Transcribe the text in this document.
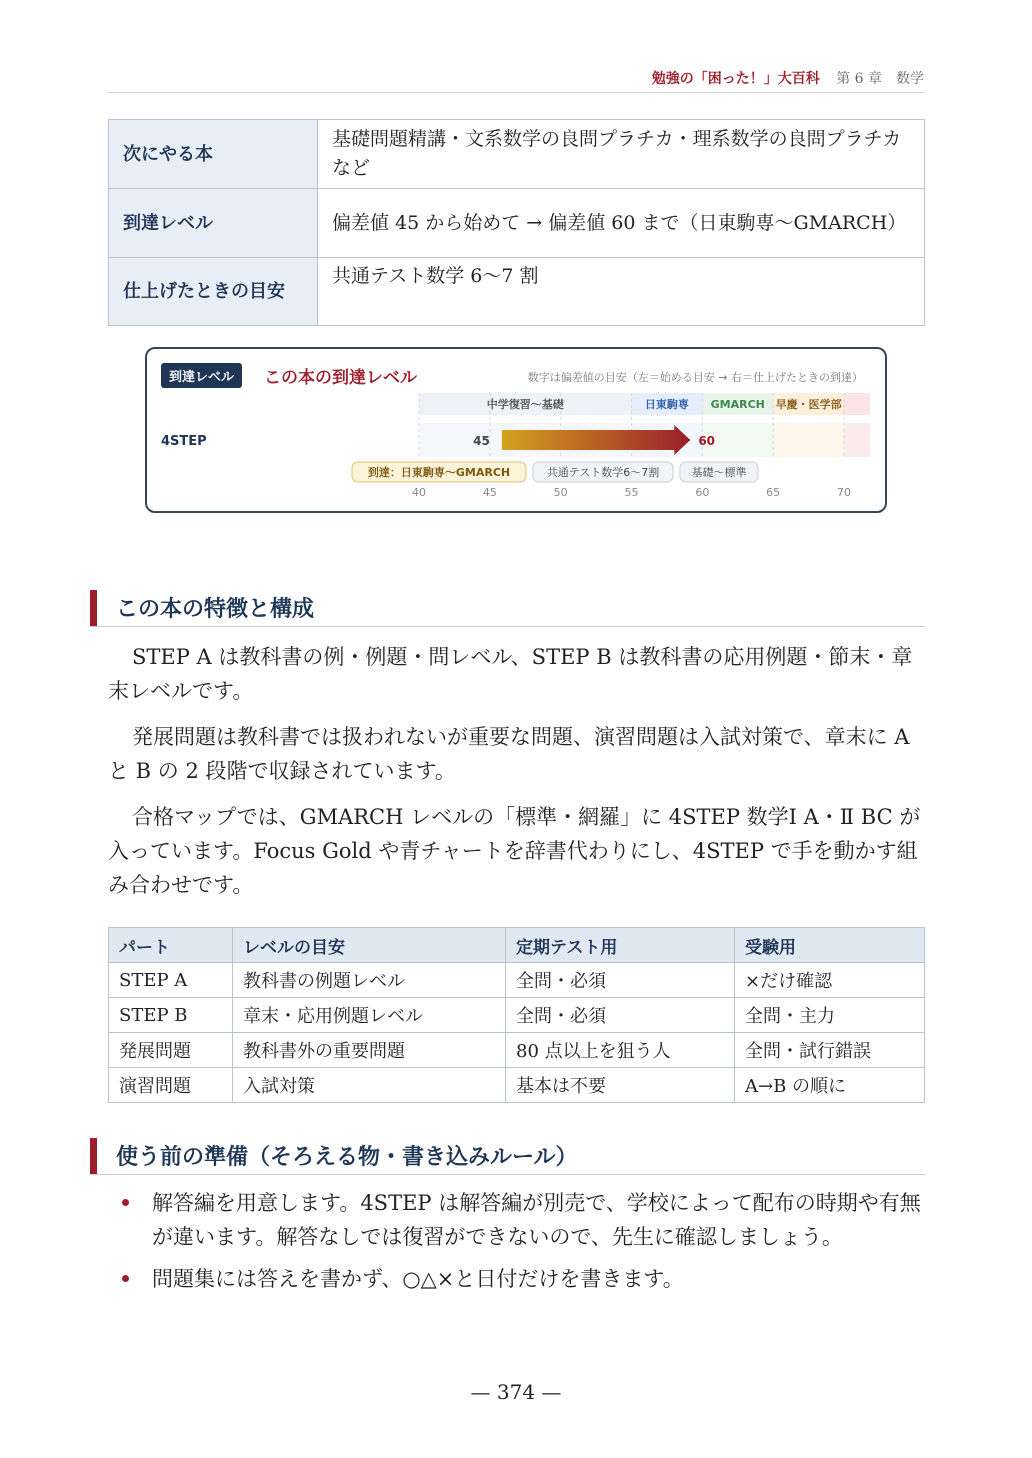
勉強の「困った！」大百科 第 6 章　数学
次にやる本	基礎問題精講・文系数学の良問プラチカ・理系数学の良問プラチカ など
到達レベル	偏差値 45 から始めて → 偏差値 60 まで（日東駒専〜GMARCH）
仕上げたときの目安	共通テスト数学 6〜7 割
到達レベル	この本の到達レベル	数字は偏差値の目安（左＝始める目安 → 右＝仕上げたときの到達）
中学復習〜基礎	日東駒専 GMARCH 早慶・医学部
4STEP	45	60
到達：日東駒専〜GMARCH	共通テスト数学6〜7割	基礎〜標準
40	45	50	55	60	65	70
この本の特徴と構成
STEP A は教科書の例・例題・問レベル、STEP B は教科書の応用例題・節末・章末レベルです。
発展問題は教科書では扱われないが重要な問題、演習問題は入試対策で、章末に A と B の 2 段階で収録されています。
合格マップでは、GMARCH レベルの「標準・網羅」に 4STEP 数学Ⅰ A・Ⅱ BC が入っています。Focus Gold や青チャートを辞書代わりにし、4STEP で手を動かす組み合わせです。
パート	レベルの目安	定期テスト用	受験用
STEP A	教科書の例題レベル	全問・必須	×だけ確認
STEP B	章末・応用例題レベル	全問・必須	全問・主力
発展問題	教科書外の重要問題	80 点以上を狙う人	全問・試行錯誤
演習問題	入試対策	基本は不要	A→B の順に
使う前の準備（そろえる物・書き込みルール）
解答編を用意します。4STEP は解答編が別売で、学校によって配布の時期や有無が違います。解答なしでは復習ができないので、先生に確認しましょう。
問題集には答えを書かず、○△×と日付だけを書きます。
— 374 —
